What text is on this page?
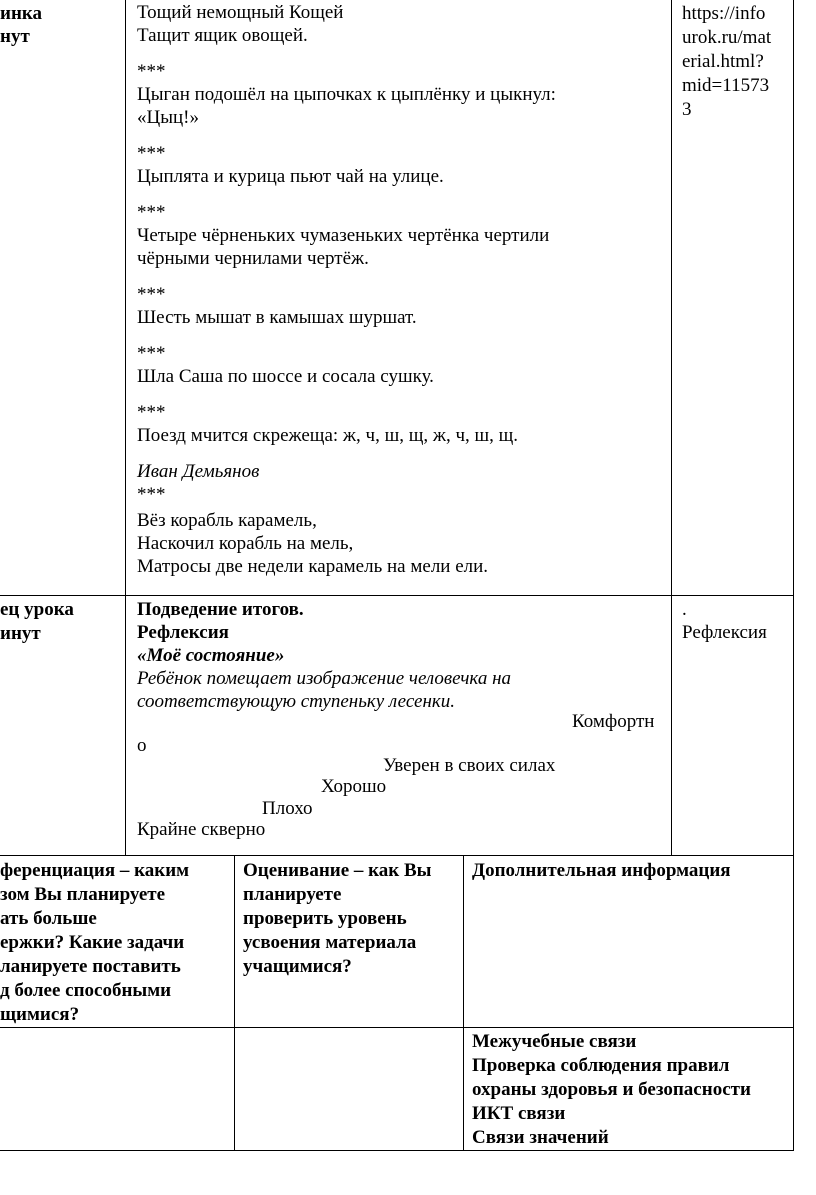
инка
нут
Тощий немощный Кощей
Тащит ящик овощей.
***
Цыган подошёл на цыпочках к цыплёнку и цыкнул:
«Цыц!»
***
Цыплята и курица пьют чай на улице.
***
Четыре чёрненьких чумазеньких чертёнка чертили
чёрными чернилами чертёж.
***
Шесть мышат в камышах шуршат.
***
Шла Саша по шоссе и сосала сушку.
***
Поезд мчится скрежеща: ж, ч, ш, щ, ж, ч, ш, щ.
Иван Демьянов
***
Вёз корабль карамель,
Наскочил корабль на мель,
Матросы две недели карамель на мели ели.
https://info
urok.ru/mat
erial.html?
mid=11573
3
ец урока
инут
Подведение итогов.
Рефлексия
«Моё состояние»
Ребёнок помещает изображение человечка на
соответствующую ступеньку лесенки.
Комфортн
о
Уверен в своих силах
Хорошо
Плохо
Крайне скверно
.
Рефлексия
ференциация – каким
зом Вы планируете
ать больше
ержки? Какие задачи
ланируете поставить
д более способными
щимися?
Оценивание – как Вы
планируете
проверить уровень
усвоения материала
учащимися?
Дополнительная информация
Межучебные связи
Проверка соблюдения правил
охраны здоровья и безопасности
ИКТ связи
Связи значений
